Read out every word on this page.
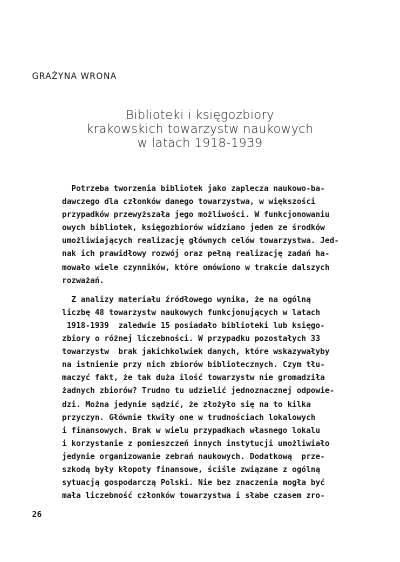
GRAŻYNA WRONA
Biblioteki i księgozbiory
krakowskich towarzystw naukowych
w latach 1918-1939
Potrzeba tworzenia bibliotek jako zaplecza naukowo-ba-
dawczego dla członków danego towarzystwa, w większości
przypadków przewyższała jego możliwości. W funkcjonowaniu
owych bibliotek, księgozbiorów widziano jeden ze środków
umożliwiających realizację głównych celów towarzystwa. Jed-
nak ich prawidłowy rozwój oraz pełną realizację zadań ha-
mowało wiele czynników, które omówiono w trakcie dalszych
rozważań.
Z analizy materiału źródłowego wynika, że na ogólną
liczbę 48 towarzystw naukowych funkcjonujących w latach
1918-1939  zaledwie 15 posiadało biblioteki lub księgo-
zbiory o różnej liczebności. W przypadku pozostałych 33
towarzystw  brak jakichkolwiek danych, które wskazywałyby
na istnienie przy nich zbiorów bibliotecznych. Czym tłu-
maczyć fakt, że tak duża ilość towarzystw nie gromadziła
żadnych zbiorów? Trudno tu udzielić jednoznacznej odpowie-
dzi. Można jedynie sądzić, że złożyło się na to kilka
przyczyn. Głównie tkwiły one w trudnościach lokalowych
i finansowych. Brak w wielu przypadkach własnego lokalu
i korzystanie z pomieszczeń innych instytucji umożliwiało
jedynie organizowanie zebrań naukowych. Dodatkową  prze-
szkodą były kłopoty finansowe, ściśle związane z ogólną
sytuacją gospodarczą Polski. Nie bez znaczenia mogła być
mała liczebność członków towarzystwa i słabe czasem zro-
26
